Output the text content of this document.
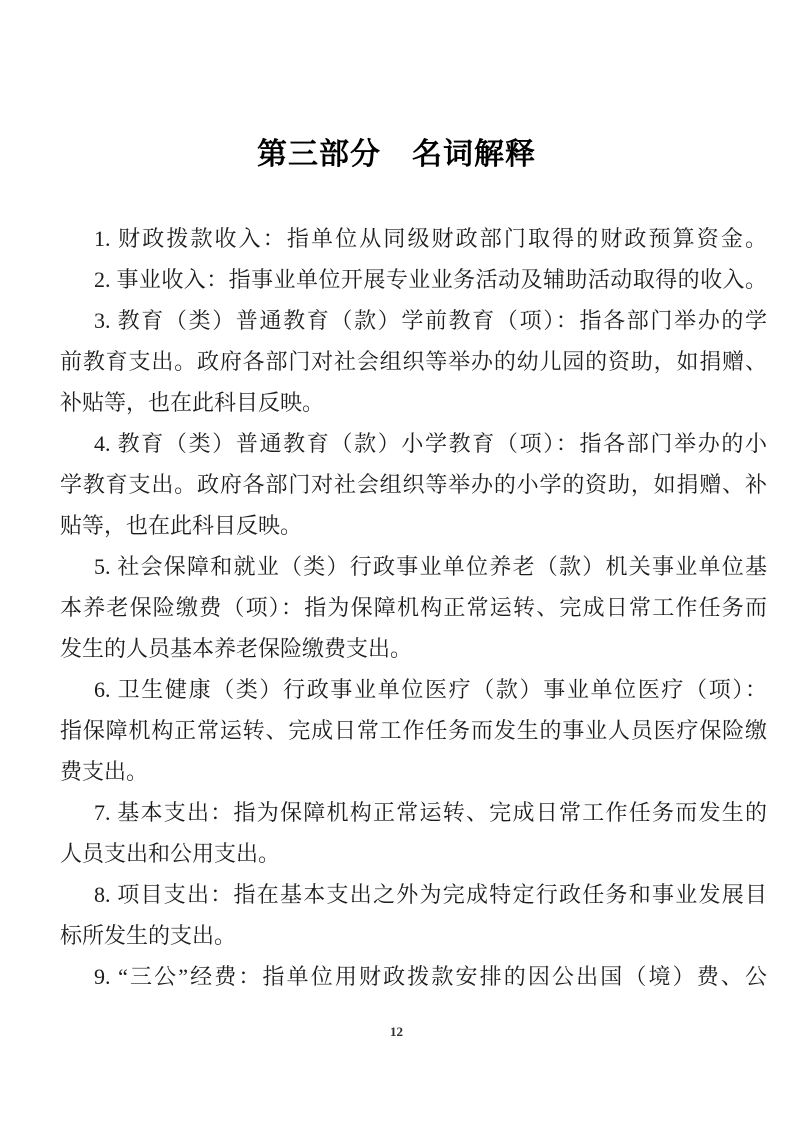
第三部分　名词解释
1. 财政拨款收入：指单位从同级财政部门取得的财政预算资金。
2. 事业收入：指事业单位开展专业业务活动及辅助活动取得的收入。
3. 教育（类）普通教育（款）学前教育（项）：指各部门举办的学
前教育支出。政府各部门对社会组织等举办的幼儿园的资助，如捐赠、
补贴等，也在此科目反映。
4. 教育（类）普通教育（款）小学教育（项）：指各部门举办的小
学教育支出。政府各部门对社会组织等举办的小学的资助，如捐赠、补
贴等，也在此科目反映。
5. 社会保障和就业（类）行政事业单位养老（款）机关事业单位基
本养老保险缴费（项）：指为保障机构正常运转、完成日常工作任务而
发生的人员基本养老保险缴费支出。
6. 卫生健康（类）行政事业单位医疗（款）事业单位医疗（项）：
指保障机构正常运转、完成日常工作任务而发生的事业人员医疗保险缴
费支出。
7. 基本支出：指为保障机构正常运转、完成日常工作任务而发生的
人员支出和公用支出。
8. 项目支出：指在基本支出之外为完成特定行政任务和事业发展目
标所发生的支出。
9. “三公”经费：指单位用财政拨款安排的因公出国（境）费、公
12
